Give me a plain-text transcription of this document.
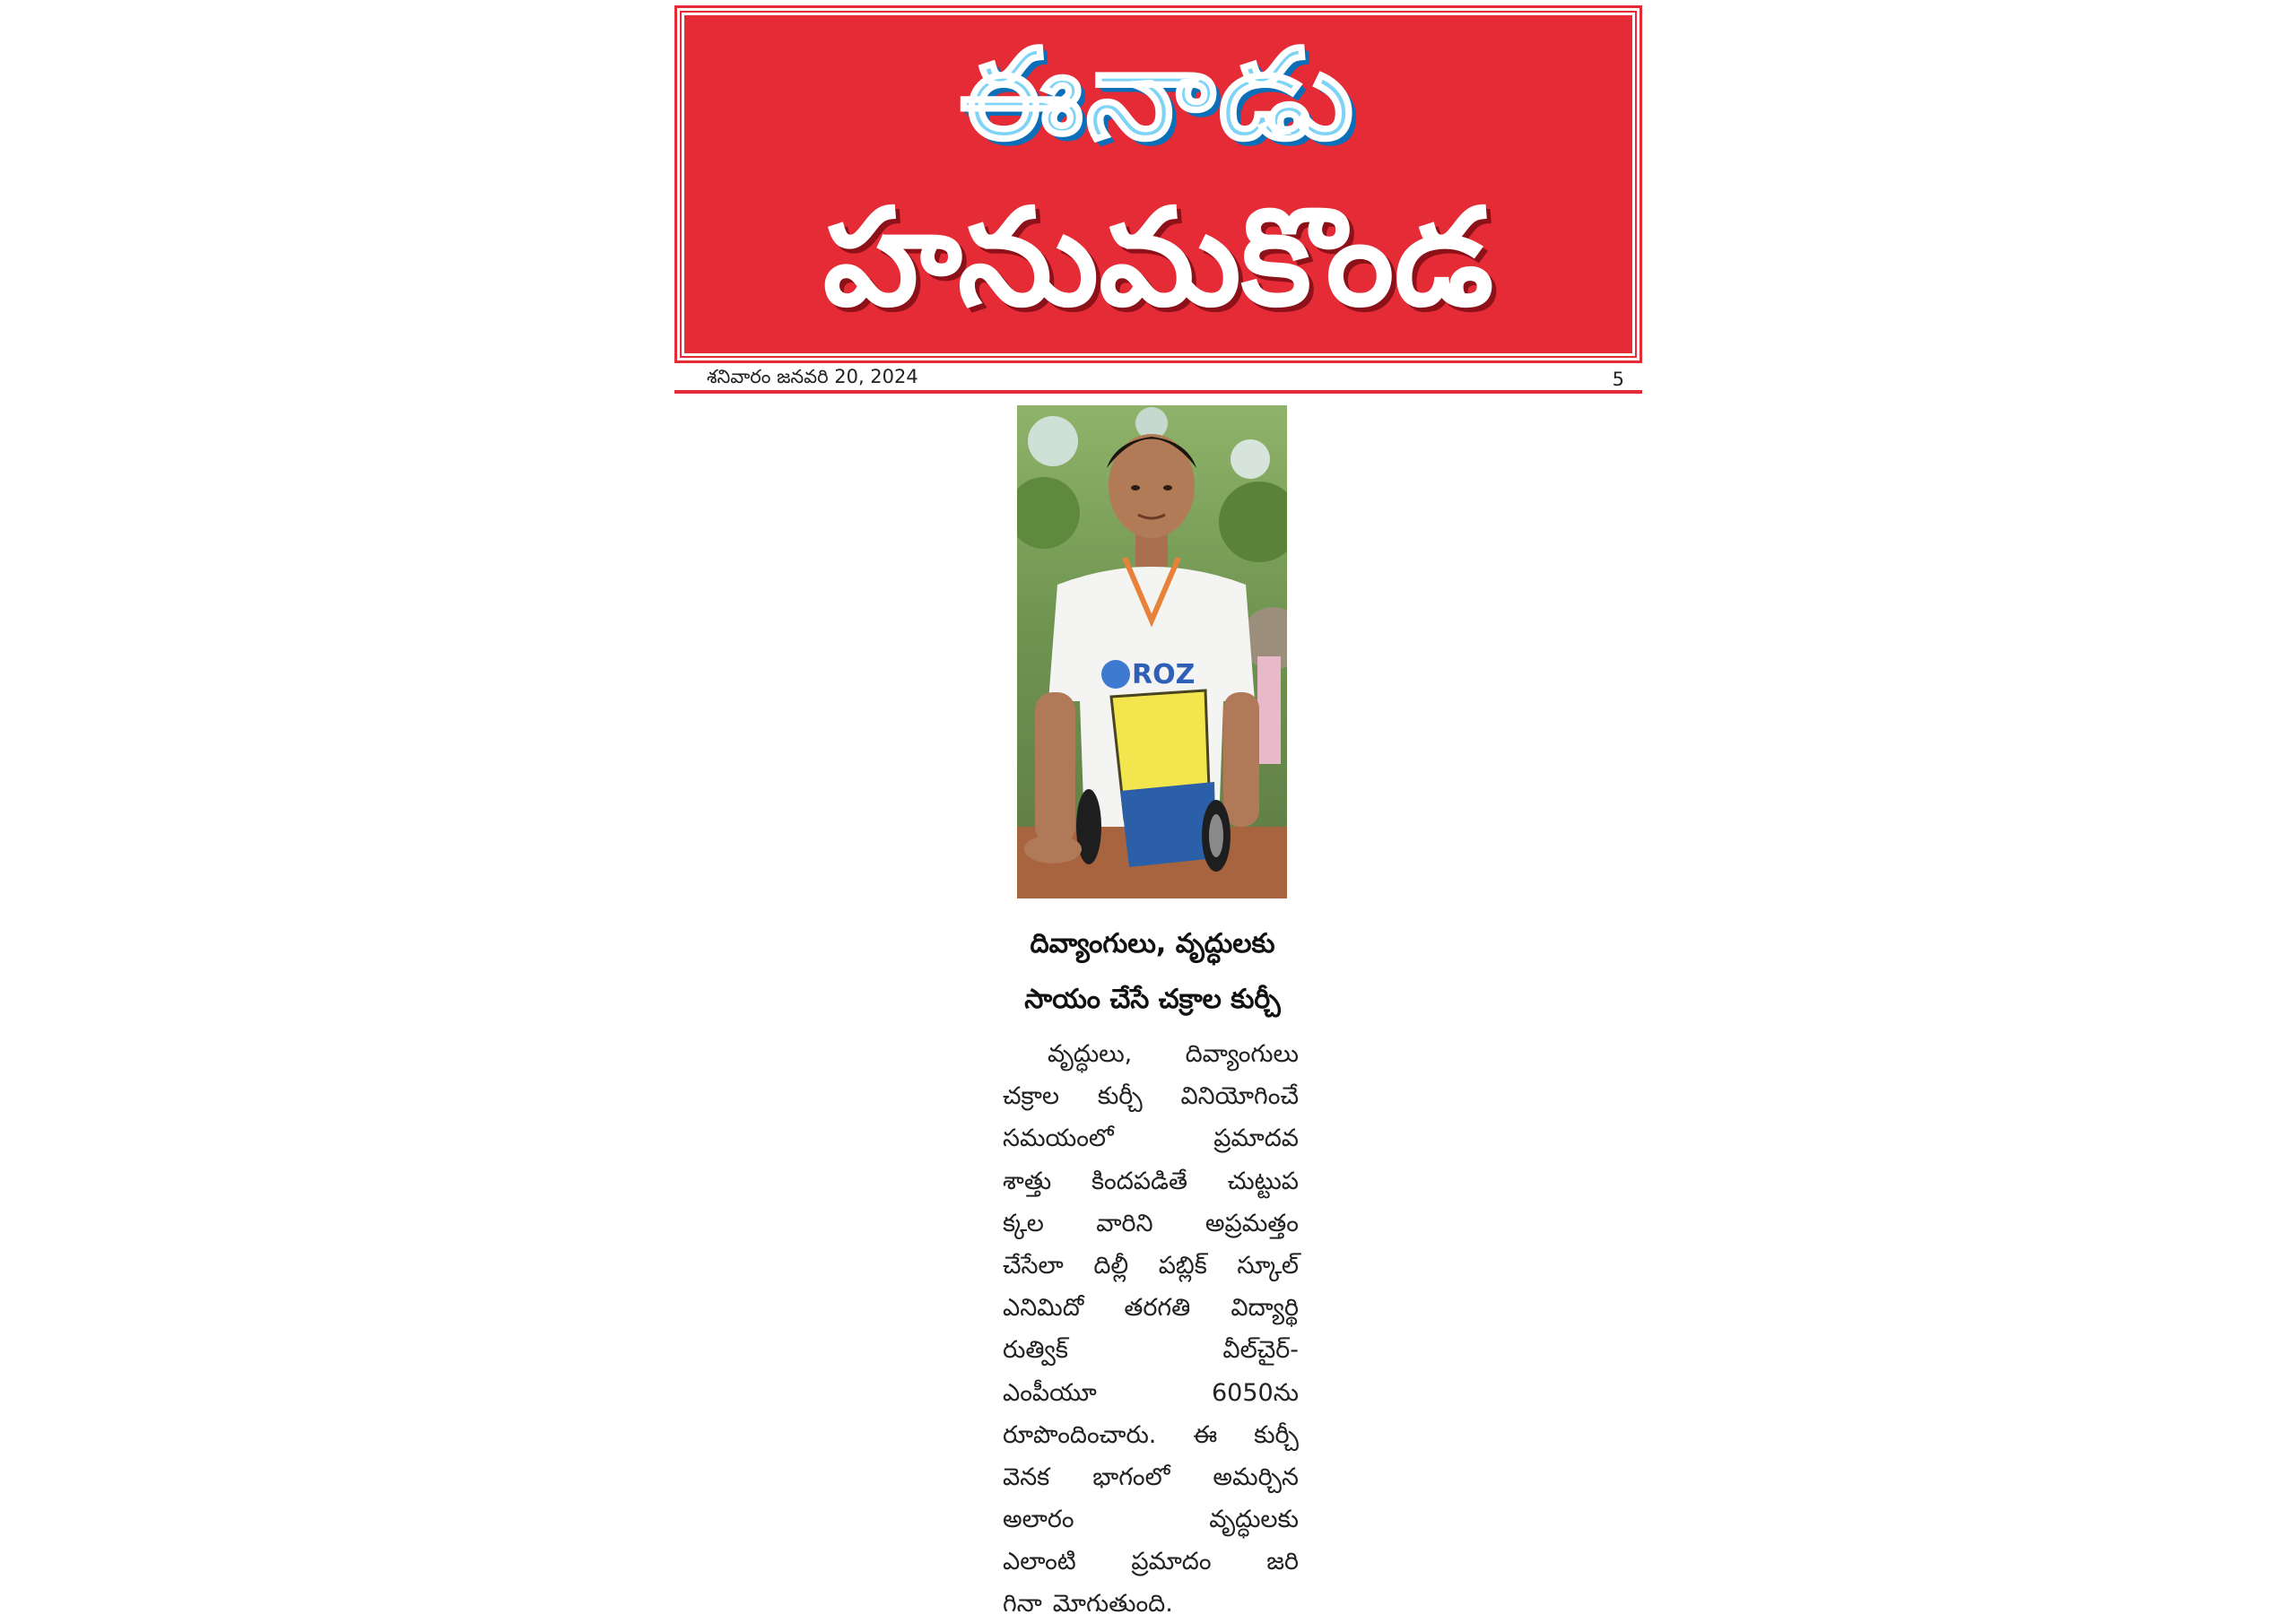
ఈనాడు
హనుమకొండ
శనివారం జనవరి 20, 2024	5
ROZ
దివ్యాంగులు, వృద్ధులకు
సాయం చేసే చక్రాల కుర్చీ
వృద్ధులు, దివ్యాంగులు
చక్రాల కుర్చీ వినియోగించే
సమయంలో	ప్రమాదవ
శాత్తు కిందపడితే చుట్టుప
క్కల వారిని అప్రమత్తం
చేసేలా దిల్లీ పబ్లిక్ స్కూల్
ఎనిమిదో తరగతి విద్యార్థి
రుత్విక్	వీల్‌చైర్‌-
ఎంపీయూ	6050ను
రూపొందించారు. ఈ కుర్చీ
వెనక భాగంలో అమర్చిన
అలారం	వృద్ధులకు
ఎలాంటి ప్రమాదం జరి
గినా మోగుతుంది.
